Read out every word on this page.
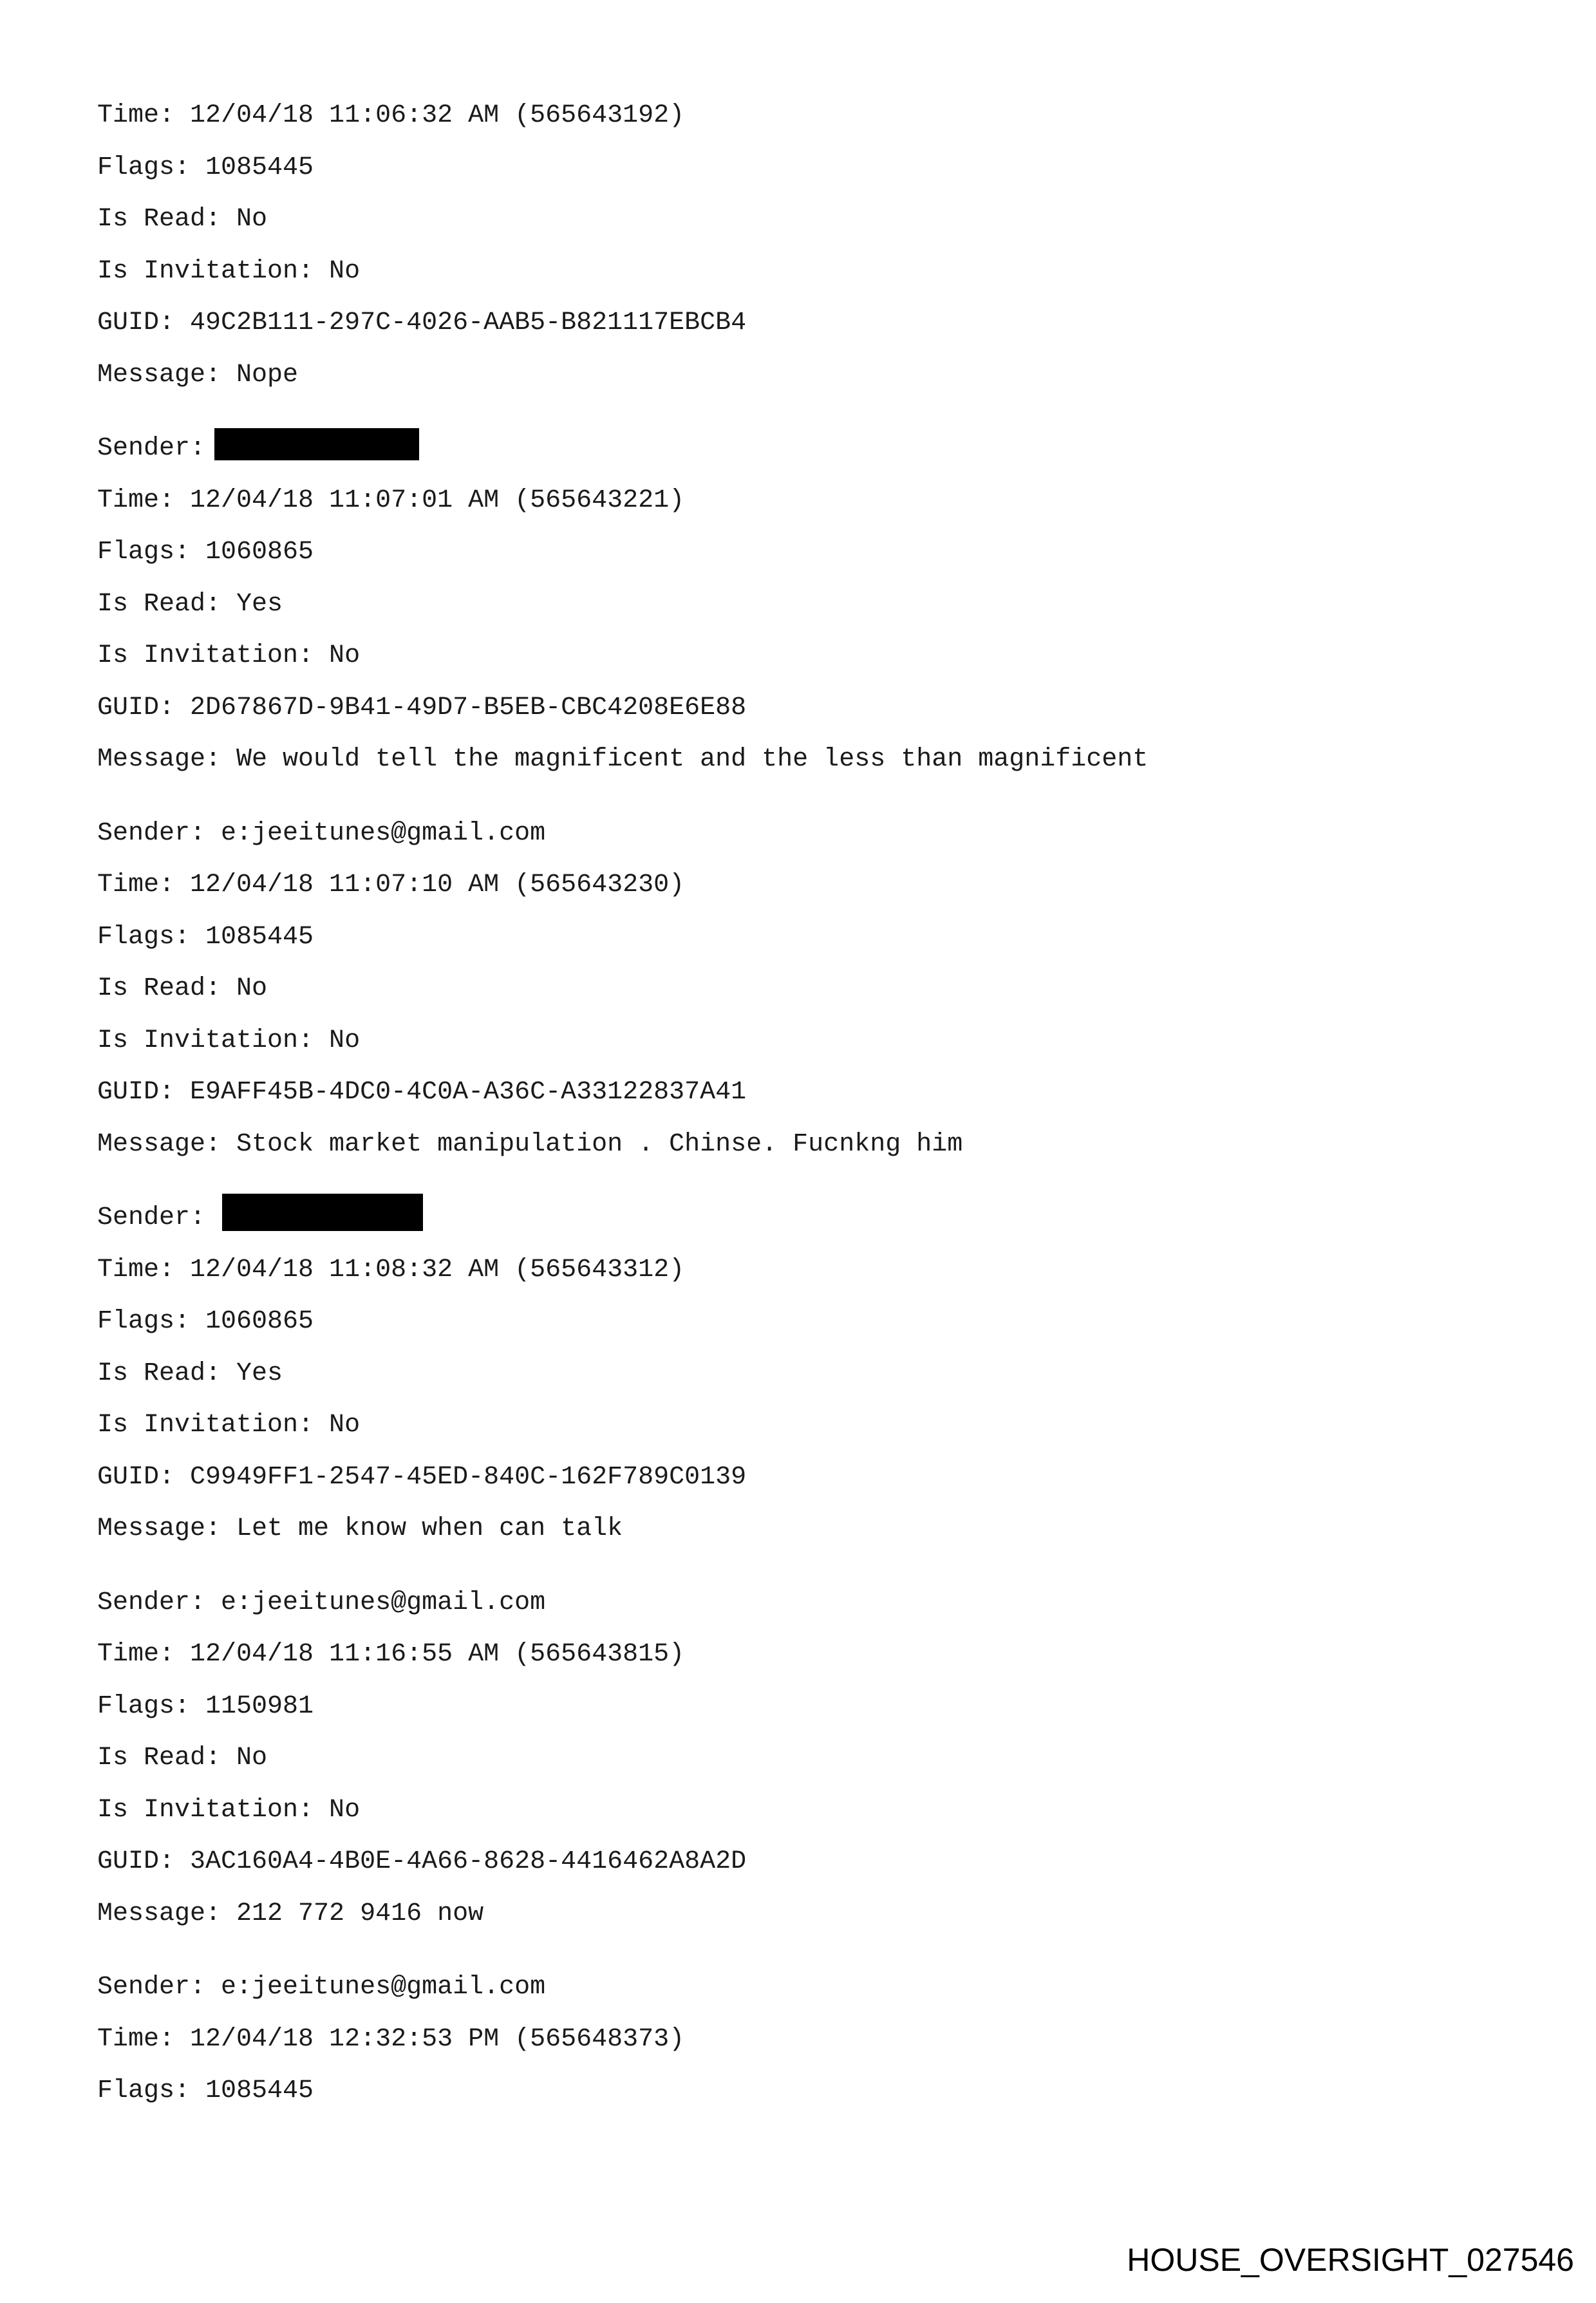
Time: 12/04/18 11:06:32 AM (565643192)
Flags: 1085445
Is Read: No
Is Invitation: No
GUID: 49C2B111-297C-4026-AAB5-B821117EBCB4
Message: Nope
Sender:
Time: 12/04/18 11:07:01 AM (565643221)
Flags: 1060865
Is Read: Yes
Is Invitation: No
GUID: 2D67867D-9B41-49D7-B5EB-CBC4208E6E88
Message: We would tell the magnificent and the less than magnificent
Sender: e:jeeitunes@gmail.com
Time: 12/04/18 11:07:10 AM (565643230)
Flags: 1085445
Is Read: No
Is Invitation: No
GUID: E9AFF45B-4DC0-4C0A-A36C-A33122837A41
Message: Stock market manipulation . Chinse. Fucnkng him
Sender:
Time: 12/04/18 11:08:32 AM (565643312)
Flags: 1060865
Is Read: Yes
Is Invitation: No
GUID: C9949FF1-2547-45ED-840C-162F789C0139
Message: Let me know when can talk
Sender: e:jeeitunes@gmail.com
Time: 12/04/18 11:16:55 AM (565643815)
Flags: 1150981
Is Read: No
Is Invitation: No
GUID: 3AC160A4-4B0E-4A66-8628-4416462A8A2D
Message: 212 772 9416 now
Sender: e:jeeitunes@gmail.com
Time: 12/04/18 12:32:53 PM (565648373)
Flags: 1085445
HOUSE_OVERSIGHT_027546
